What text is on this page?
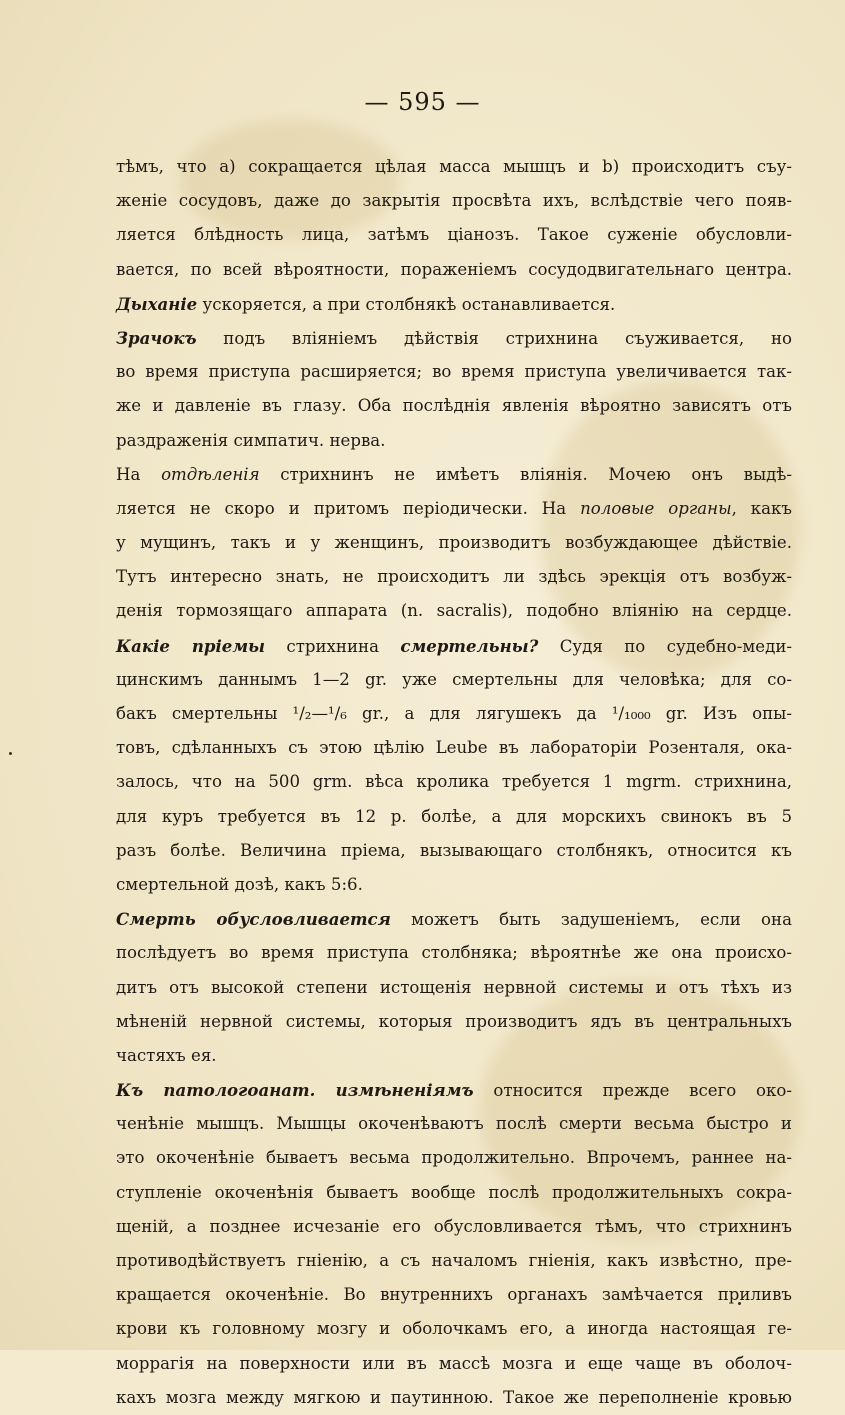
— 595 —
тѣмъ, что а) сокращается цѣлая масса мышцъ и b) происходитъ съу-
женіе сосудовъ, даже до закрытія просвѣта ихъ, вслѣдствіе чего появ-
ляется блѣдность лица, затѣмъ ціанозъ. Такое суженіе обусловли-
вается, по всей вѣроятности, пораженіемъ сосудодвигательнаго центра.
Дыханіе ускоряется, а при столбнякѣ останавливается.
Зрачокъ подъ вліяніемъ дѣйствія стрихнина съуживается, но
во время приступа расширяется; во время приступа увеличивается так-
же и давленіе въ глазу. Оба послѣднія явленія вѣроятно зависятъ отъ
раздраженія симпатич. нерва.
На отдѣленія стрихнинъ не имѣетъ вліянія. Мочею онъ выдѣ-
ляется не скоро и притомъ періодически. На половые органы, какъ
у мущинъ, такъ и у женщинъ, производитъ возбуждающее дѣйствіе.
Тутъ интересно знать, не происходитъ ли здѣсь эрекція отъ возбуж-
денія тормозящаго аппарата (n. sacralis), подобно вліянію на сердце.
Какіе пріемы стрихнина смертельны? Судя по судебно-меди-
цинскимъ даннымъ 1—2 gr. уже смертельны для человѣка; для со-
бакъ смертельны ¹/₂—¹/₆ gr., а для лягушекъ да ¹/₁₀₀₀ gr. Изъ опы-
товъ, сдѣланныхъ съ этою цѣлію Leube въ лабораторіи Розенталя, ока-
залось, что на 500 grm. вѣса кролика требуется 1 mgrm. стрихнина,
для куръ требуется въ 12 р. болѣе, а для морскихъ свинокъ въ 5
разъ болѣе. Величина пріема, вызывающаго столбнякъ, относится къ
смертельной дозѣ, какъ 5:6.
Смерть обусловливается можетъ быть задушеніемъ, если она
послѣдуетъ во время приступа столбняка; вѣроятнѣе же она происхо-
дитъ отъ высокой степени истощенія нервной системы и отъ тѣхъ из
мѣненій нервной системы, которыя производитъ ядъ въ центральныхъ
частяхъ ея.
Къ патологоанат. измѣненіямъ относится прежде всего око-
ченѣніе мышцъ. Мышцы окоченѣваютъ послѣ смерти весьма быстро и
это окоченѣніе бываетъ весьма продолжительно. Впрочемъ, раннее на-
ступленіе окоченѣнія бываетъ вообще послѣ продолжительныхъ сокра-
щеній, а позднее исчезаніе его обусловливается тѣмъ, что стрихнинъ
противодѣйствуетъ гніенію, а съ началомъ гніенія, какъ извѣстно, пре-
кращается окоченѣніе. Во внутреннихъ органахъ замѣчается приливъ
крови къ головному мозгу и оболочкамъ его, а иногда настоящая ге-
моррагія на поверхности или въ массѣ мозга и еще чаще въ оболоч-
кахъ мозга между мягкою и паутинною. Такое же переполненіе кровью
